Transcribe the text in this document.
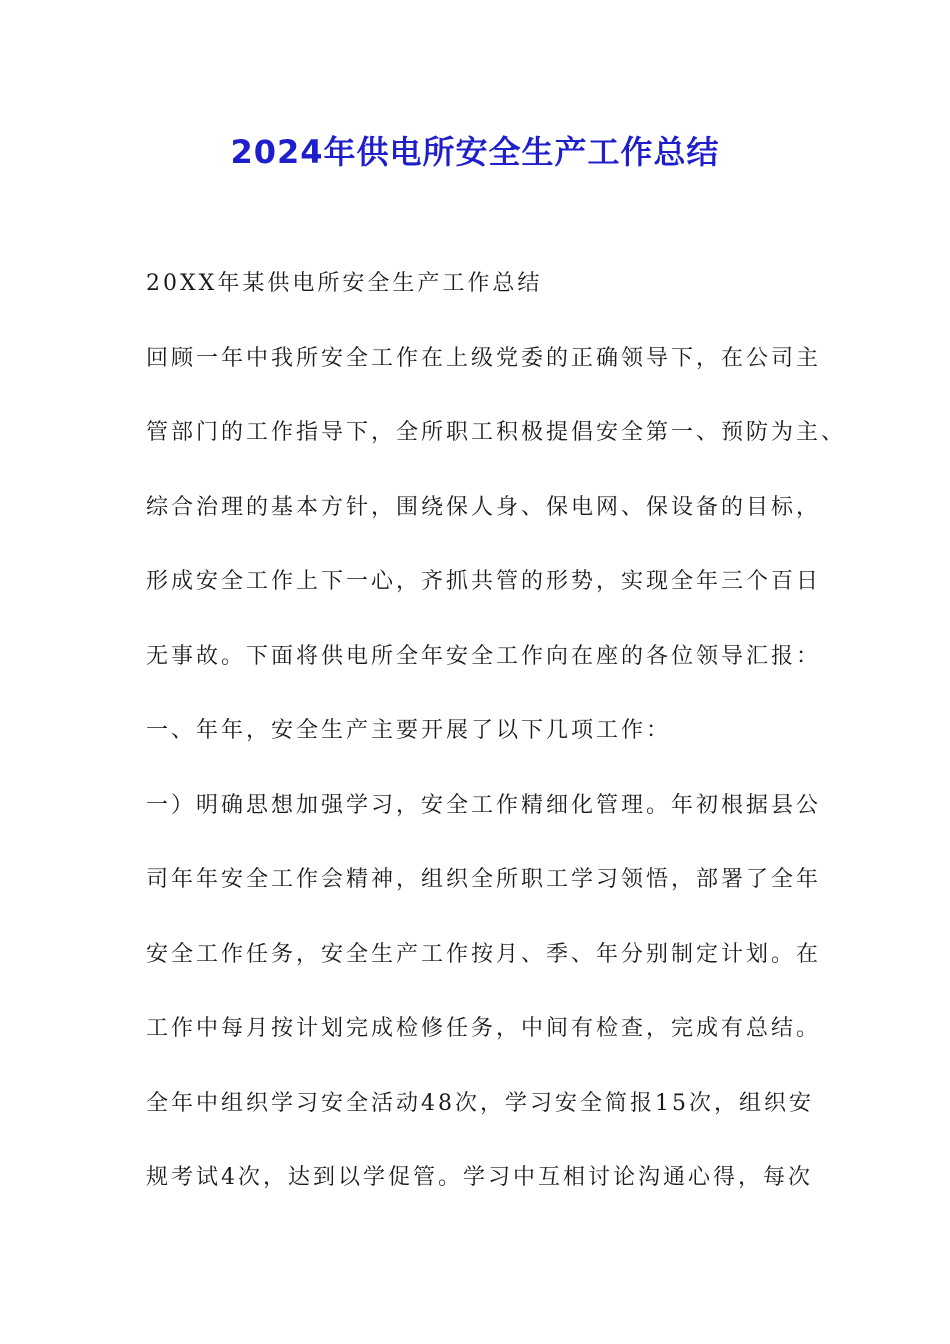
2024年供电所安全生产工作总结

20XX年某供电所安全生产工作总结

回顾一年中我所安全工作在上级党委的正确领导下，在公司主

管部门的工作指导下，全所职工积极提倡安全第一、预防为主、

综合治理的基本方针，围绕保人身、保电网、保设备的目标，

形成安全工作上下一心，齐抓共管的形势，实现全年三个百日

无事故。下面将供电所全年安全工作向在座的各位领导汇报：

一、年年，安全生产主要开展了以下几项工作：

一）明确思想加强学习，安全工作精细化管理。年初根据县公

司年年安全工作会精神，组织全所职工学习领悟，部署了全年

安全工作任务，安全生产工作按月、季、年分别制定计划。在

工作中每月按计划完成检修任务，中间有检查，完成有总结。

全年中组织学习安全活动48次，学习安全简报15次，组织安

规考试4次，达到以学促管。学习中互相讨论沟通心得，每次
